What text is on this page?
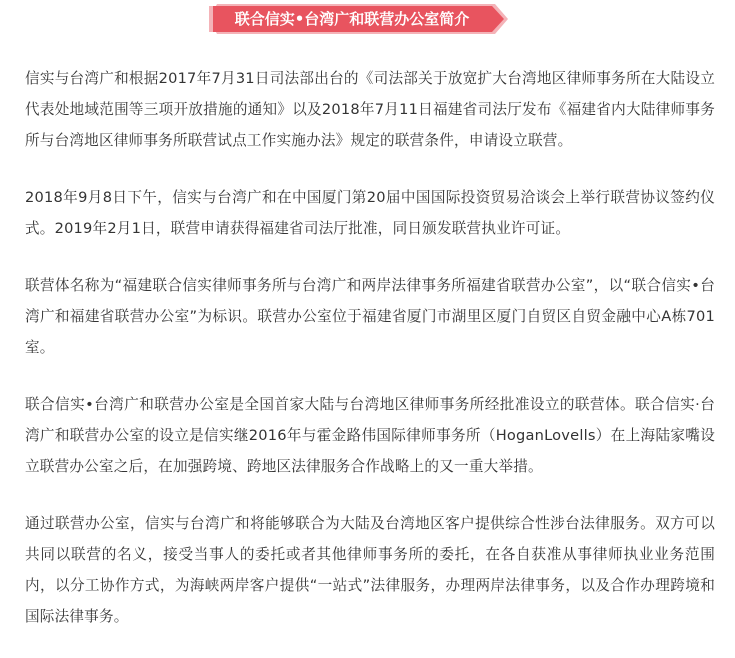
联合信实•台湾广和联营办公室简介

信实与台湾广和根据2017年7月31日司法部出台的《司法部关于放宽扩大台湾地区律师事务所在大陆设立代表处地域范围等三项开放措施的通知》以及2018年7月11日福建省司法厅发布《福建省内大陆律师事务所与台湾地区律师事务所联营试点工作实施办法》规定的联营条件，申请设立联营。

2018年9月8日下午，信实与台湾广和在中国厦门第20届中国国际投资贸易洽谈会上举行联营协议签约仪式。2019年2月1日，联营申请获得福建省司法厅批准，同日颁发联营执业许可证。

联营体名称为“福建联合信实律师事务所与台湾广和两岸法律事务所福建省联营办公室”，以“联合信实•台湾广和福建省联营办公室”为标识。联营办公室位于福建省厦门市湖里区厦门自贸区自贸金融中心A栋701室。

联合信实•台湾广和联营办公室是全国首家大陆与台湾地区律师事务所经批准设立的联营体。联合信实·台湾广和联营办公室的设立是信实继2016年与霍金路伟国际律师事务所（HoganLovells）在上海陆家嘴设立联营办公室之后，在加强跨境、跨地区法律服务合作战略上的又一重大举措。

通过联营办公室，信实与台湾广和将能够联合为大陆及台湾地区客户提供综合性涉台法律服务。双方可以共同以联营的名义，接受当事人的委托或者其他律师事务所的委托，在各自获准从事律师执业业务范围内，以分工协作方式，为海峡两岸客户提供“一站式”法律服务，办理两岸法律事务，以及合作办理跨境和国际法律事务。
